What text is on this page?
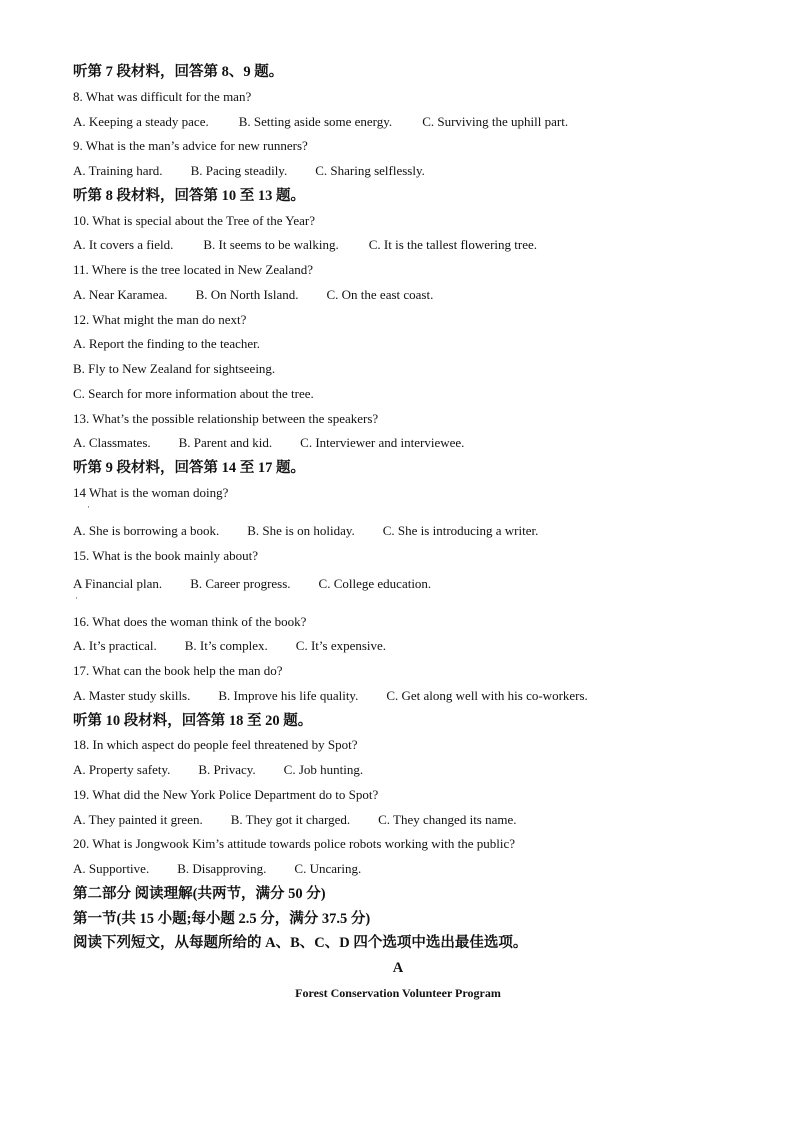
听第 7 段材料，回答第 8、9 题。
8. What was difficult for the man?
A. Keeping a steady pace. B. Setting aside some energy. C. Surviving the uphill part.
9. What is the man’s advice for new runners?
A. Training hard. B. Pacing steadily. C. Sharing selflessly.
听第 8 段材料，回答第 10 至 13 题。
10. What is special about the Tree of the Year?
A. It covers a field. B. It seems to be walking. C. It is the tallest flowering tree.
11. Where is the tree located in New Zealand?
A. Near Karamea. B. On North Island. C. On the east coast.
12. What might the man do next?
A. Report the finding to the teacher.
B. Fly to New Zealand for sightseeing.
C. Search for more information about the tree.
13. What’s the possible relationship between the speakers?
A. Classmates. B. Parent and kid. C. Interviewer and interviewee.
听第 9 段材料，回答第 14 至 17 题。
14 What is the woman doing?
·
A. She is borrowing a book. B. She is on holiday. C. She is introducing a writer.
15. What is the book mainly about?
A Financial plan. B. Career progress. C. College education.
·
16. What does the woman think of the book?
A. It’s practical. B. It’s complex. C. It’s expensive.
17. What can the book help the man do?
A. Master study skills. B. Improve his life quality. C. Get along well with his co-workers.
听第 10 段材料，回答第 18 至 20 题。
18. In which aspect do people feel threatened by Spot?
A. Property safety. B. Privacy. C. Job hunting.
19. What did the New York Police Department do to Spot?
A. They painted it green. B. They got it charged. C. They changed its name.
20. What is Jongwook Kim’s attitude towards police robots working with the public?
A. Supportive. B. Disapproving. C. Uncaring.
第二部分 阅读理解(共两节，满分 50 分)
第一节(共 15 小题;每小题 2.5 分，满分 37.5 分)
阅读下列短文，从每题所给的 A、B、C、D 四个选项中选出最佳选项。
A
Forest Conservation Volunteer Program
